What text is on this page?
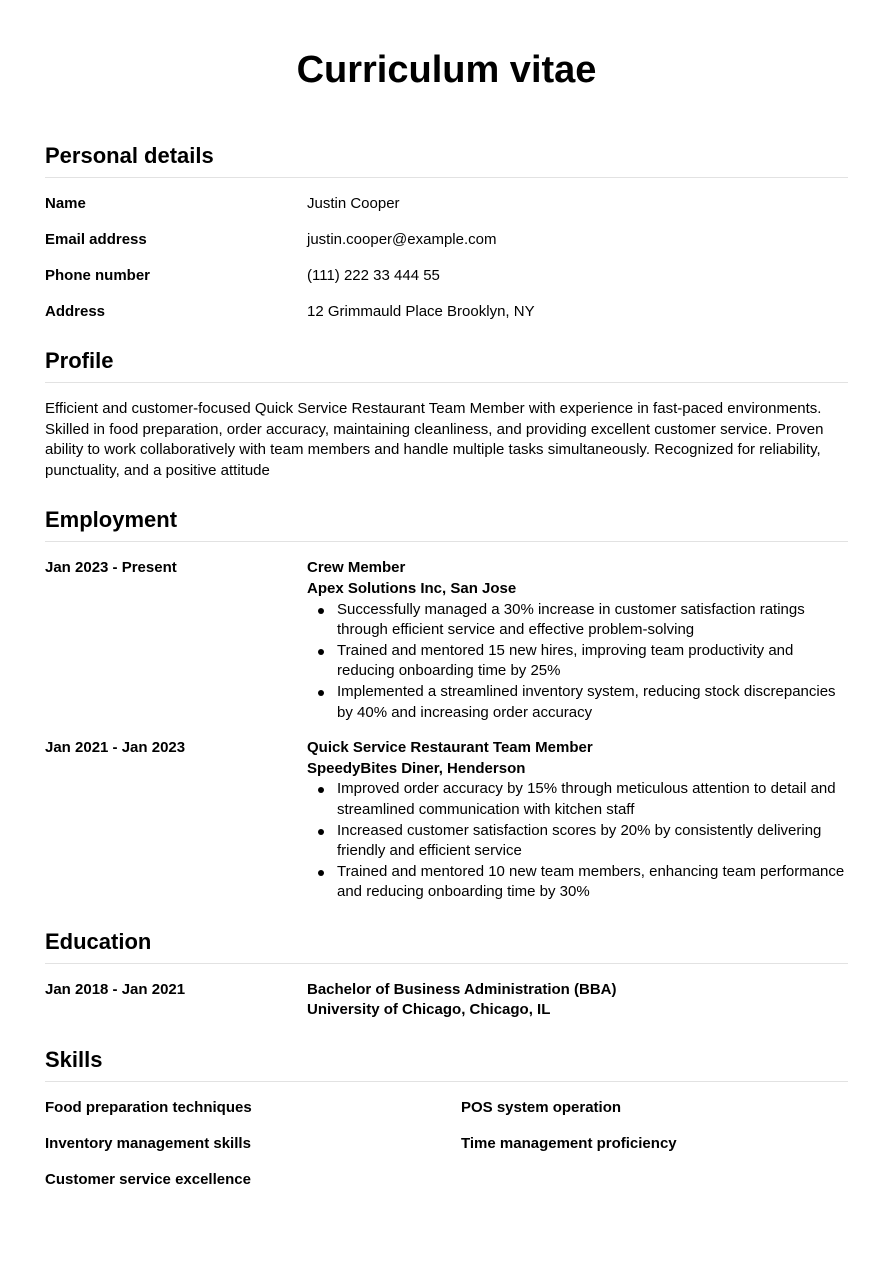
Curriculum vitae
Personal details
Name	Justin Cooper
Email address	justin.cooper@example.com
Phone number	(111) 222 33 444 55
Address	12 Grimmauld Place Brooklyn, NY
Profile

Efficient and customer-focused Quick Service Restaurant Team Member with experience in fast-paced environments. Skilled in food preparation, order accuracy, maintaining cleanliness, and providing excellent customer service. Proven ability to work collaboratively with team members and handle multiple tasks simultaneously. Recognized for reliability, punctuality, and a positive attitude

Employment
Jan 2023 - Present	Crew Member
Apex Solutions Inc, San Jose
Successfully managed a 30% increase in customer satisfaction ratings through efficient service and effective problem-solving
Trained and mentored 15 new hires, improving team productivity and reducing onboarding time by 25%
Implemented a streamlined inventory system, reducing stock discrepancies by 40% and increasing order accuracy
Jan 2021 - Jan 2023	Quick Service Restaurant Team Member
SpeedyBites Diner, Henderson
Improved order accuracy by 15% through meticulous attention to detail and streamlined communication with kitchen staff
Increased customer satisfaction scores by 20% by consistently delivering friendly and efficient service
Trained and mentored 10 new team members, enhancing team performance and reducing onboarding time by 30%
Education
Jan 2018 - Jan 2021	Bachelor of Business Administration (BBA)
University of Chicago, Chicago, IL
Skills
Food preparation techniques	POS system operation
Inventory management skills	Time management proficiency
Customer service excellence
